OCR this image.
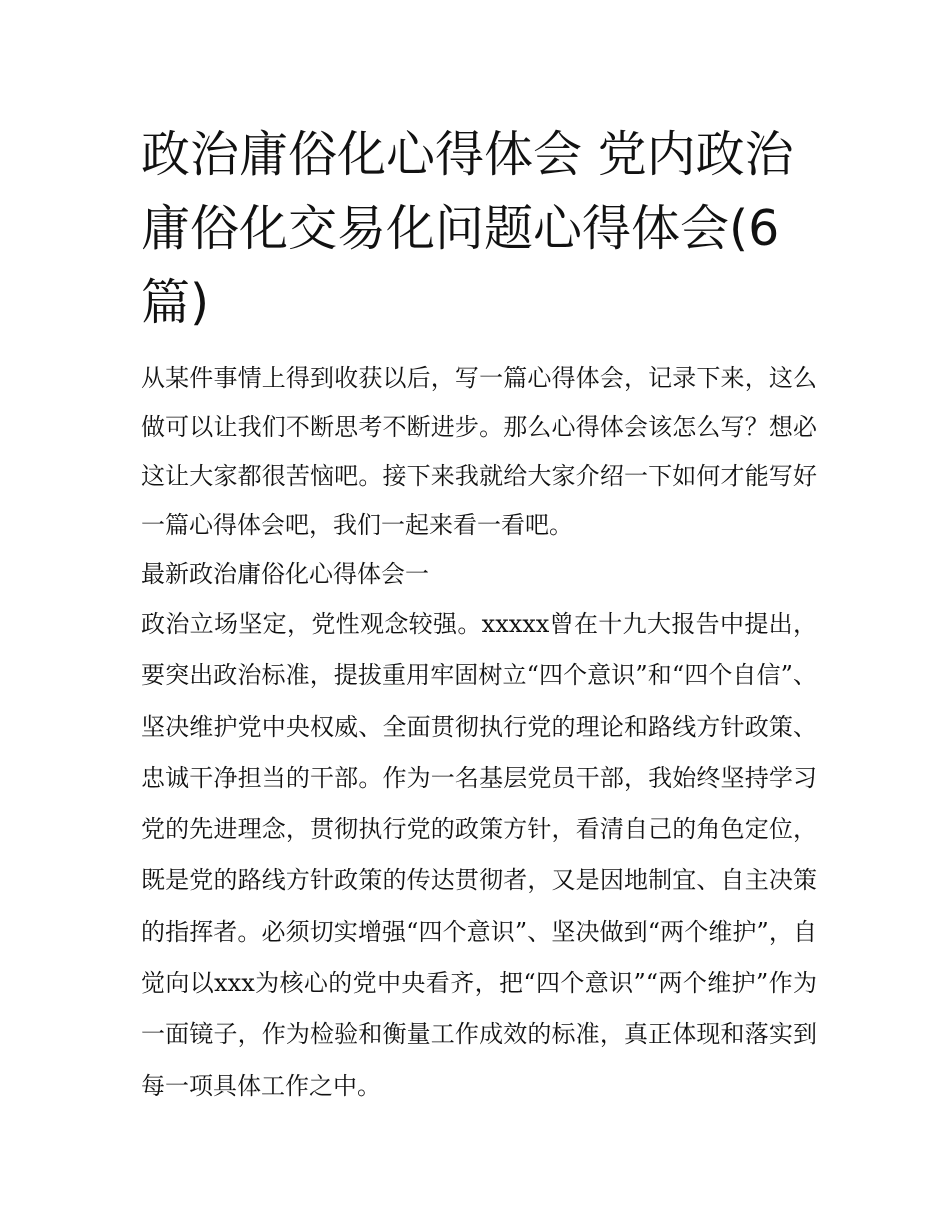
政治庸俗化心得体会 党内政治庸俗化交易化问题心得体会(6篇)

从某件事情上得到收获以后，写一篇心得体会，记录下来，这么做可以让我们不断思考不断进步。那么心得体会该怎么写？想必这让大家都很苦恼吧。接下来我就给大家介绍一下如何才能写好一篇心得体会吧，我们一起来看一看吧。

最新政治庸俗化心得体会一

政治立场坚定，党性观念较强。xxxxx曾在十九大报告中提出，要突出政治标准，提拔重用牢固树立“四个意识”和“四个自信”、坚决维护党中央权威、全面贯彻执行党的理论和路线方针政策、忠诚干净担当的干部。作为一名基层党员干部，我始终坚持学习党的先进理念，贯彻执行党的政策方针，看清自己的角色定位，既是党的路线方针政策的传达贯彻者，又是因地制宜、自主决策的指挥者。必须切实增强“四个意识”、坚决做到“两个维护”，自觉向以xxx为核心的党中央看齐，把“四个意识”“两个维护”作为一面镜子，作为检验和衡量工作成效的标准，真正体现和落实到每一项具体工作之中。
